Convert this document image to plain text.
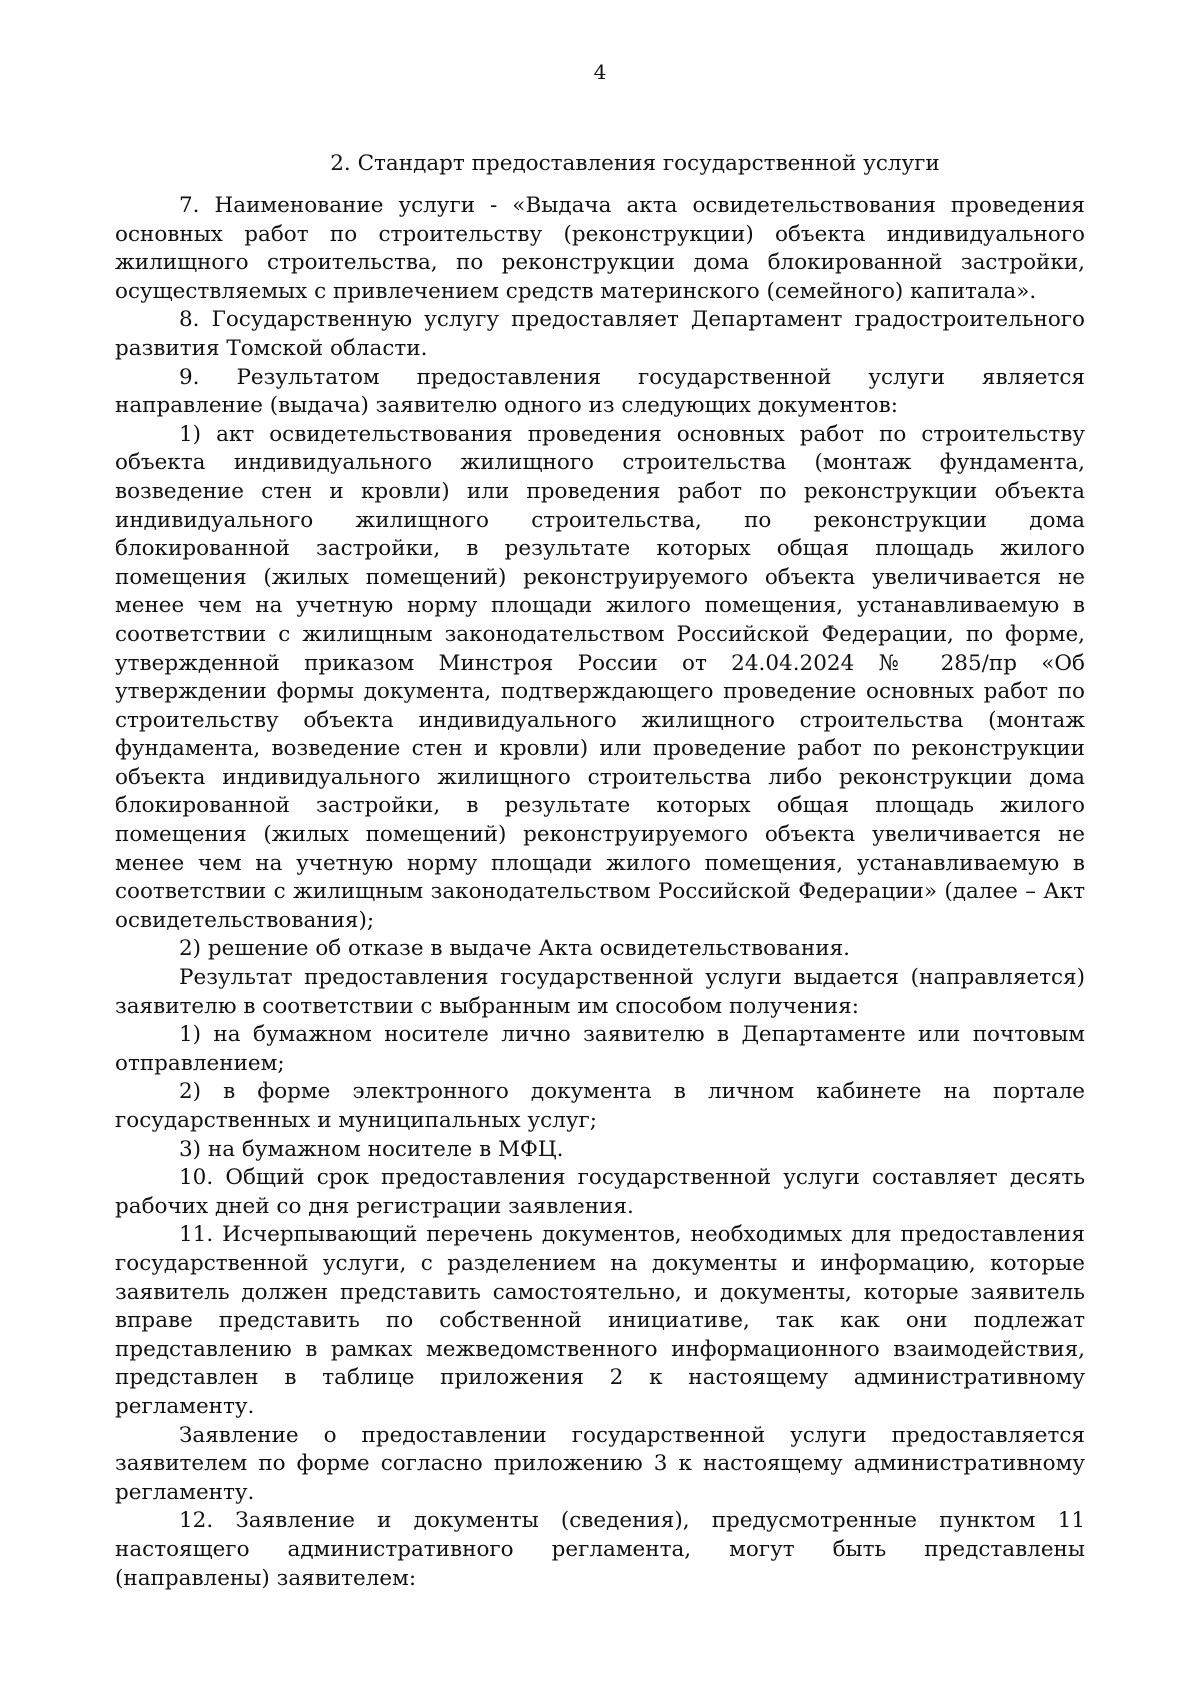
4
2. Стандарт предоставления государственной услуги

7. Наименование услуги - «Выдача акта освидетельствования проведения основных работ по строительству (реконструкции) объекта индивидуального жилищного строительства, по реконструкции дома блокированной застройки, осуществляемых с привлечением средств материнского (семейного) капитала».

8. Государственную услугу предоставляет Департамент градостроительного развития Томской области.

9. Результатом предоставления государственной услуги является направление (выдача) заявителю одного из следующих документов:

1) акт освидетельствования проведения основных работ по строительству объекта индивидуального жилищного строительства (монтаж фундамента, возведение стен и кровли) или проведения работ по реконструкции объекта индивидуального жилищного строительства, по реконструкции дома блокированной застройки, в результате которых общая площадь жилого помещения (жилых помещений) реконструируемого объекта увеличивается не менее чем на учетную норму площади жилого помещения, устанавливаемую в соответствии с жилищным законодательством Российской Федерации, по форме, утвержденной приказом Минстроя России от 24.04.2024 № 285/пр «Об утверждении формы документа, подтверждающего проведение основных работ по строительству объекта индивидуального жилищного строительства (монтаж фундамента, возведение стен и кровли) или проведение работ по реконструкции объекта индивидуального жилищного строительства либо реконструкции дома блокированной застройки, в результате которых общая площадь жилого помещения (жилых помещений) реконструируемого объекта увеличивается не менее чем на учетную норму площади жилого помещения, устанавливаемую в соответствии с жилищным законодательством Российской Федерации» (далее – Акт освидетельствования);

2) решение об отказе в выдаче Акта освидетельствования.

Результат предоставления государственной услуги выдается (направляется) заявителю в соответствии с выбранным им способом получения:

1) на бумажном носителе лично заявителю в Департаменте или почтовым отправлением;

2) в форме электронного документа в личном кабинете на портале государственных и муниципальных услуг;

3) на бумажном носителе в МФЦ.

10. Общий срок предоставления государственной услуги составляет десять рабочих дней со дня регистрации заявления.

11. Исчерпывающий перечень документов, необходимых для предоставления государственной услуги, с разделением на документы и информацию, которые заявитель должен представить самостоятельно, и документы, которые заявитель вправе представить по собственной инициативе, так как они подлежат представлению в рамках межведомственного информационного взаимодействия, представлен в таблице приложения 2 к настоящему административному регламенту.

Заявление о предоставлении государственной услуги предоставляется заявителем по форме согласно приложению 3 к настоящему административному регламенту.

12. Заявление и документы (сведения), предусмотренные пунктом 11 настоящего административного регламента, могут быть представлены (направлены) заявителем:
